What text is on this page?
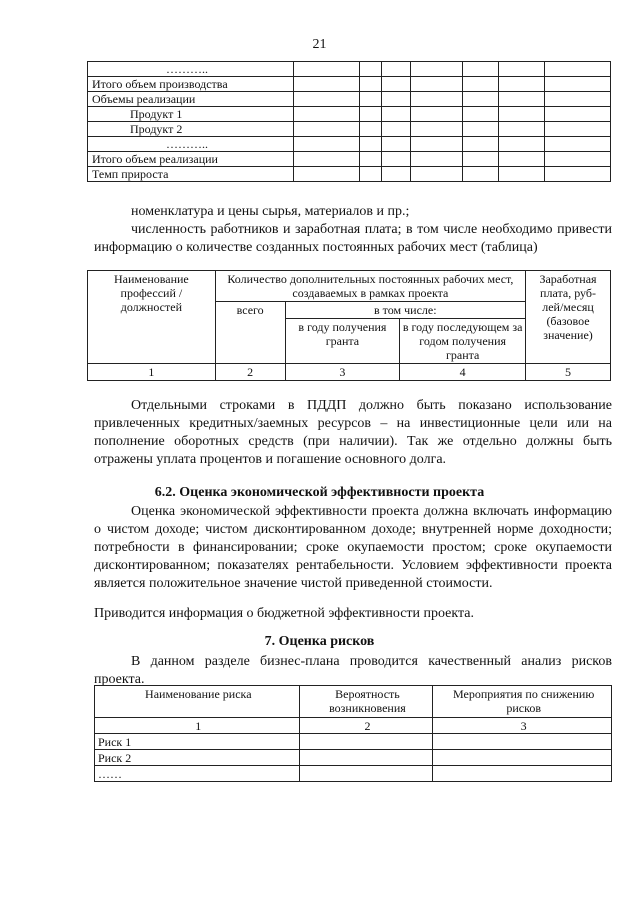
21
………..							
Итого объем производства							
Объемы реализации							
Продукт 1							
Продукт 2							
………..							
Итого объем реализации							
Темп прироста							
номенклатура и цены сырья, материалов и пр.;
численность работников и заработная плата; в том числе необходимо привести информацию о количестве созданных постоянных рабочих мест (таблица)
Наименование профессий / должностей	Количество дополнительных постоянных рабочих мест, создаваемых в рамках проекта			Заработная плата, руб-лей/месяц (базовое значение)

	всего	в том числе:		
		в году получения гранта	в году последующем за годом получения гранта	
1	2	3	4	5
Отдельными строками в ПДДП должно быть показано использование привлеченных кредитных/заемных ресурсов – на инвестиционные цели или на пополнение оборотных средств (при наличии). Так же отдельно должны быть отражены уплата процентов и погашение основного долга.
6.2. Оценка экономической эффективности проекта
Оценка экономической эффективности проекта должна включать информацию о чистом доходе; чистом дисконтированном доходе; внутренней норме доходности; потребности в финансировании; сроке окупаемости простом; сроке окупаемости дисконтированном; показателях рентабельности. Условием эффективности проекта является положительное значение чистой приведенной стоимости.
Приводится информация о бюджетной эффективности проекта.
7. Оценка рисков
В данном разделе бизнес-плана проводится качественный анализ рисков проекта.
Наименование риска	Вероятность возникновения	Мероприятия по снижению рисков
1	2	3
Риск 1		
Риск 2		
……		
